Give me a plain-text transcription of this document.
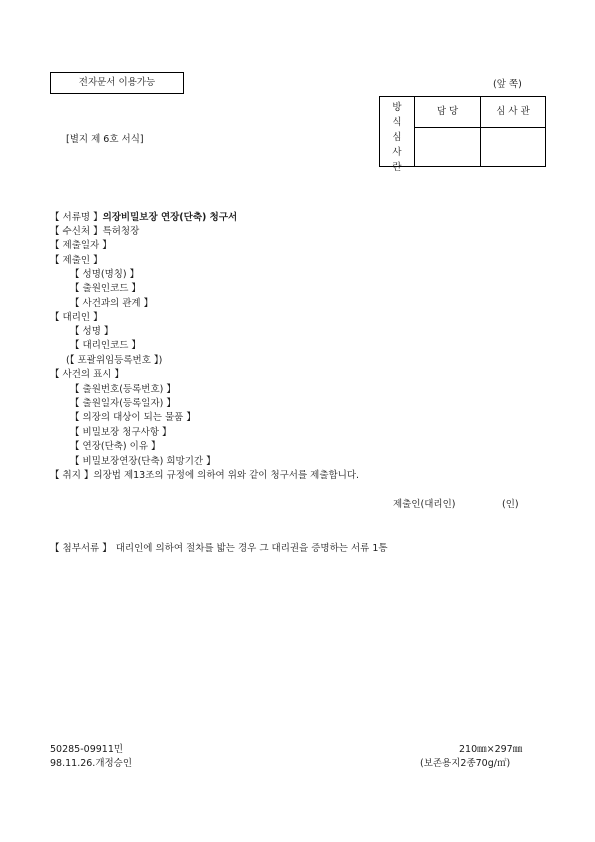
전자문서 이용가능	(앞 쪽)
[별지 제 6호 서식]
방
식
심
사
란
담 당	심 사 관
【 서류명 】의장비밀보장 연장(단축) 청구서
【 수신처 】특허청장
【 제출일자 】
【 제출인 】
【 성명(명칭) 】
【 출원인코드 】
【 사건과의 관계 】
【 대리인 】
【 성명 】
【 대리인코드 】
(【 포괄위임등록번호 】)
【 사건의 표시 】
【 출원번호(등록번호) 】
【 출원일자(등록일자) 】
【 의장의 대상이 되는 물품 】
【 비밀보장 청구사항 】
【 연장(단축) 이유 】
【 비밀보장연장(단축) 희망기간 】
【 취지 】의장법 제13조의 규정에 의하여 위와 같이 청구서를 제출합니다.
제출인(대리인)	(인)
【 첨부서류 】 대리인에 의하여 절차를 밟는 경우 그 대리권을 증명하는 서류 1통
50285-09911민
98.11.26.개정승인
210㎜×297㎜
(보존용지2종70g/㎡)
